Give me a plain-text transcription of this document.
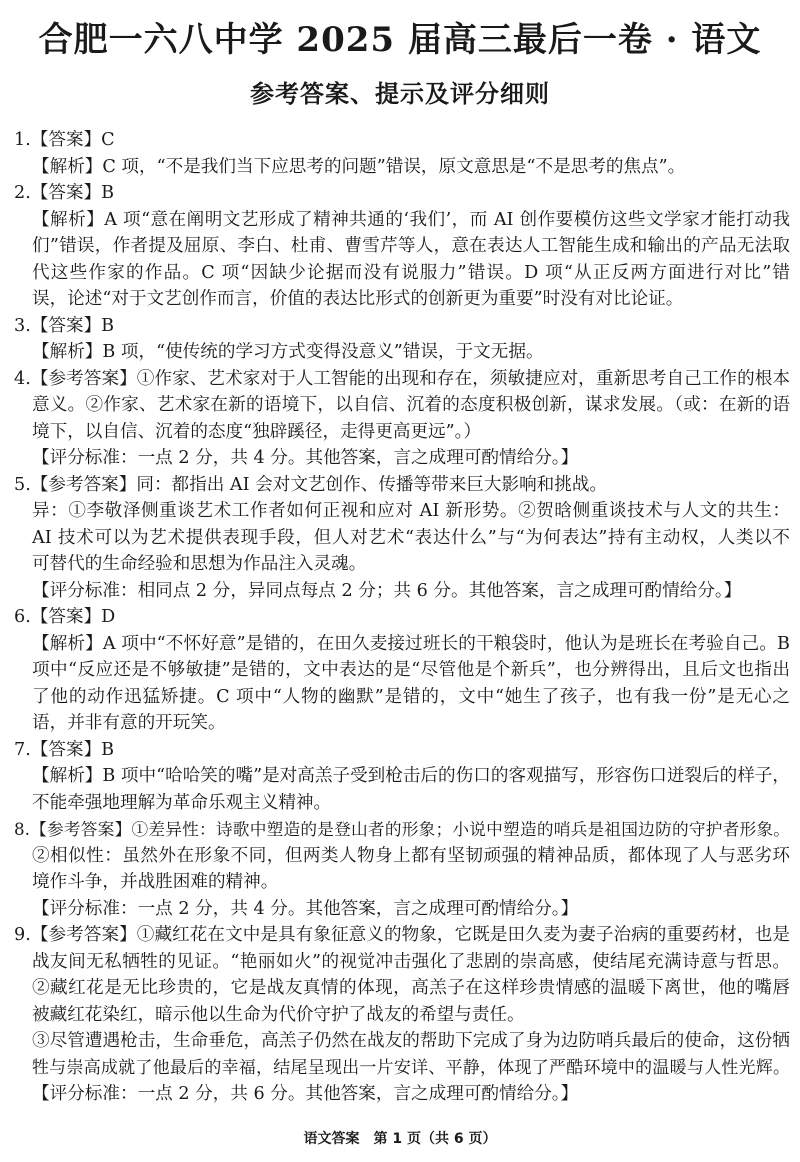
合肥一六八中学 2025 届高三最后一卷 · 语文
参考答案、提示及评分细则
1.【答案】C
【解析】C 项，“不是我们当下应思考的问题”错误，原文意思是“不是思考的焦点”。
2.【答案】B
【解析】A 项“意在阐明文艺形成了精神共通的‘我们’，而 AI 创作要模仿这些文学家才能打动我
们”错误，作者提及屈原、李白、杜甫、曹雪芹等人，意在表达人工智能生成和输出的产品无法取
代这些作家的作品。C 项“因缺少论据而没有说服力”错误。D 项“从正反两方面进行对比”错
误，论述“对于文艺创作而言，价值的表达比形式的创新更为重要”时没有对比论证。
3.【答案】B
【解析】B 项，“使传统的学习方式变得没意义”错误，于文无据。
4.【参考答案】①作家、艺术家对于人工智能的出现和存在，须敏捷应对，重新思考自己工作的根本
意义。②作家、艺术家在新的语境下，以自信、沉着的态度积极创新，谋求发展。（或：在新的语
境下，以自信、沉着的态度“独辟蹊径，走得更高更远”。）
【评分标准：一点 2 分，共 4 分。其他答案，言之成理可酌情给分。】
5.【参考答案】同：都指出 AI 会对文艺创作、传播等带来巨大影响和挑战。
异：①李敬泽侧重谈艺术工作者如何正视和应对 AI 新形势。②贺晗侧重谈技术与人文的共生：
AI 技术可以为艺术提供表现手段，但人对艺术“表达什么”与“为何表达”持有主动权，人类以不
可替代的生命经验和思想为作品注入灵魂。
【评分标准：相同点 2 分，异同点每点 2 分；共 6 分。其他答案，言之成理可酌情给分。】
6.【答案】D
【解析】A 项中“不怀好意”是错的，在田久麦接过班长的干粮袋时，他认为是班长在考验自己。B
项中“反应还是不够敏捷”是错的，文中表达的是“尽管他是个新兵”，也分辨得出，且后文也指出
了他的动作迅猛矫捷。C 项中“人物的幽默”是错的，文中“她生了孩子，也有我一份”是无心之
语，并非有意的开玩笑。
7.【答案】B
【解析】B 项中“哈哈笑的嘴”是对高羔子受到枪击后的伤口的客观描写，形容伤口迸裂后的样子，
不能牵强地理解为革命乐观主义精神。
8.【参考答案】①差异性：诗歌中塑造的是登山者的形象；小说中塑造的哨兵是祖国边防的守护者形象。
②相似性：虽然外在形象不同，但两类人物身上都有坚韧顽强的精神品质，都体现了人与恶劣环
境作斗争，并战胜困难的精神。
【评分标准：一点 2 分，共 4 分。其他答案，言之成理可酌情给分。】
9.【参考答案】①藏红花在文中是具有象征意义的物象，它既是田久麦为妻子治病的重要药材，也是
战友间无私牺牲的见证。“艳丽如火”的视觉冲击强化了悲剧的崇高感，使结尾充满诗意与哲思。
②藏红花是无比珍贵的，它是战友真情的体现，高羔子在这样珍贵情感的温暖下离世，他的嘴唇
被藏红花染红，暗示他以生命为代价守护了战友的希望与责任。
③尽管遭遇枪击，生命垂危，高羔子仍然在战友的帮助下完成了身为边防哨兵最后的使命，这份牺
牲与崇高成就了他最后的幸福，结尾呈现出一片安详、平静，体现了严酷环境中的温暖与人性光辉。
【评分标准：一点 2 分，共 6 分。其他答案，言之成理可酌情给分。】
语文答案　第 1 页（共 6 页）
